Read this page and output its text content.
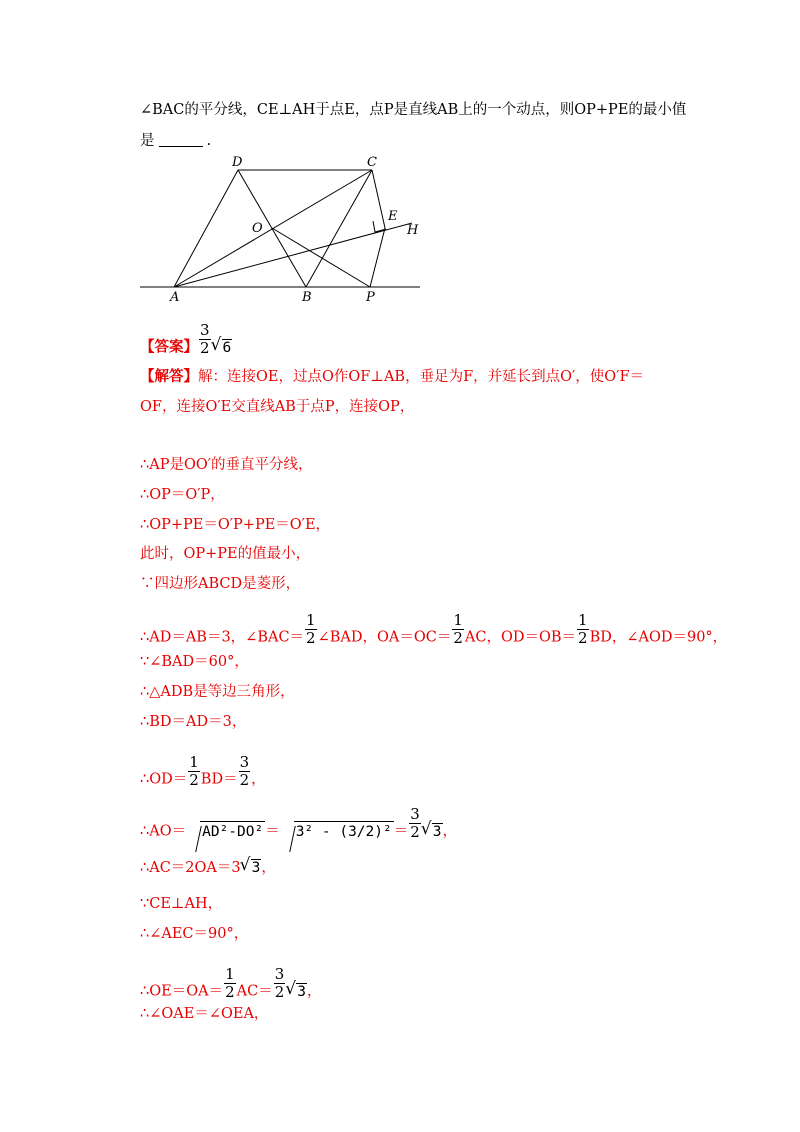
∠BAC的平分线，CE⊥AH于点E，点P是直线AB上的一个动点，则OP+PE的最小值
是	.
D	C
O
E
H
A	B	P
【答案】 $\frac{3}{2}$ √ 6
【解答】解：连接OE，过点O作OF⊥AB，垂足为F，并延长到点O′，使O′F＝
OF，连接O′E交直线AB于点P，连接OP，
∴AP是OO′的垂直平分线，
∴OP＝O′P，
∴OP+PE＝O′P+PE＝O′E，
此时，OP+PE的值最小，
∵四边形ABCD是菱形，
∴AD＝AB＝3，∠BAC＝ $\frac{1}{2}$ ∠BAD，$OA=OC= \frac{1}{2}$ AC，$OD=OB= \frac{1}{2}$ BD，∠AOD＝90°，
∵∠BAD＝60°，
∴△ADB是等边三角形，
∴BD＝AD＝3，
∴OD＝ $\frac{1}{2} BD= \frac{3}{2}$ ，
∴AO＝ $AD^2-DO^2 = 3^2 - (3/2)^2 = \frac{3}{2}$ √ 3，
∴AC＝2OA＝3 √ 3，
∵CE⊥AH，
∴∠AEC＝90°，
∴OE＝OA＝ $\frac{1}{2} AC= \frac{3}{2}$ √ 3，
∴∠OAE＝∠OEA，
